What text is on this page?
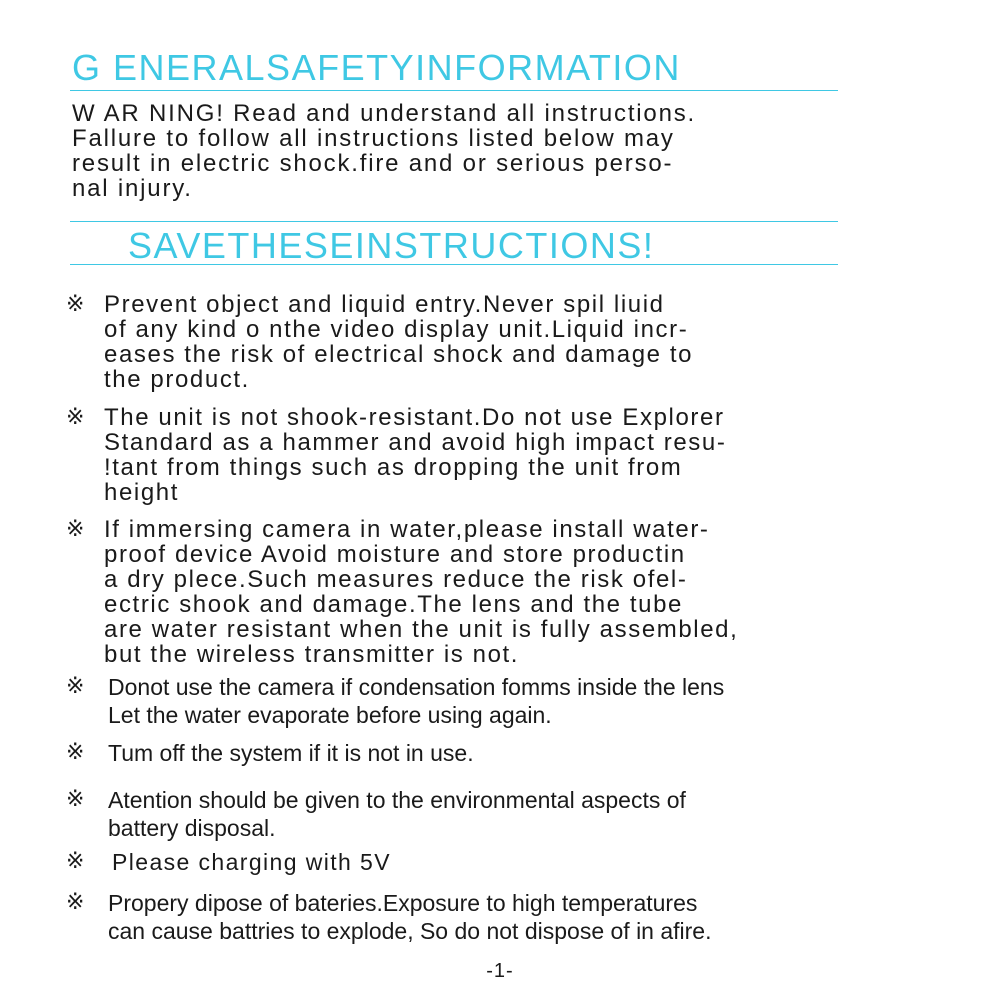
G ENERALSAFETYINFORMATION
W AR NING! Read and understand all instructions.
Fallure to follow all instructions listed below may
result in electric shock.fire and or serious perso-
nal injury.
SAVETHESEINSTRUCTIONS!
※ Prevent object and liquid entry.Never spil liuid
of any kind o nthe video display unit.Liquid incr-
eases the risk of electrical shock and damage to
the product.
※ The unit is not shook-resistant.Do not use Explorer
Standard as a hammer and avoid high impact resu-
!tant from things such as dropping the unit from
height
※ If immersing camera in water,please install water-
proof device Avoid moisture and store productin
a dry plece.Such measures reduce the risk ofel-
ectric shook and damage.The lens and the tube
are water resistant when the unit is fully assembled,
but the wireless transmitter is not.
※ Donot use the camera if condensation fomms inside the lens
Let the water evaporate before using again.
※ Tum off the system if it is not in use.
※ Atention should be given to the environmental aspects of
battery disposal.
※ Please charging with 5V
※ Propery dipose of bateries.Exposure to high temperatures
can cause battries to explode, So do not dispose of in afire.
-1-
